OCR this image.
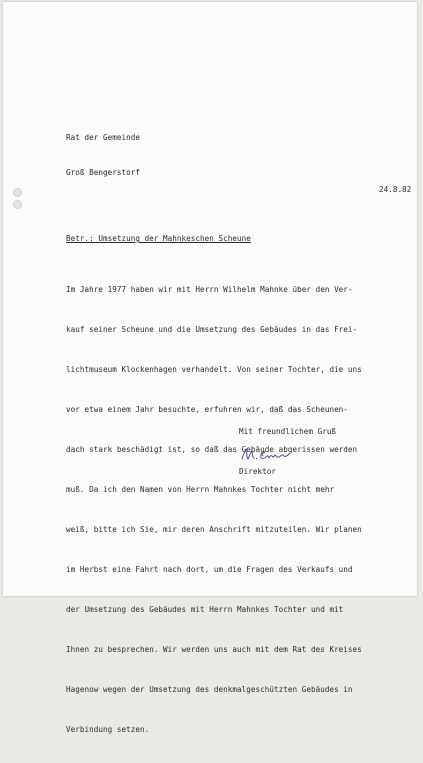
Rat der Gemeinde

Groß Bengerstorf

24.8.82
Betr.: Umsetzung der Mahnkeschen Scheune

Im Jahre 1977 haben wir mit Herrn Wilhelm Mahnke über den Ver-

kauf seiner Scheune und die Umsetzung des Gebäudes in das Frei-

lichtmuseum Klockenhagen verhandelt. Von seiner Tochter, die uns

vor etwa einem Jahr besuchte, erfuhren wir, daß das Scheunen-

dach stark beschädigt ist, so daß das Gebäude abgerissen werden

muß. Da ich den Namen von Herrn Mahnkes Tochter nicht mehr

weiß, bitte ich Sie, mir deren Anschrift mitzuteilen. Wir planen

im Herbst eine Fahrt nach dort, um die Fragen des Verkaufs und

der Umsetzung des Gebäudes mit Herrn Mahnkes Tochter und mit

Ihnen zu besprechen. Wir werden uns auch mit dem Rat des Kreises

Hagenow wegen der Umsetzung des denkmalgeschützten Gebäudes in

Verbindung setzen.

Mit freundlichem Gruß
Direktor
